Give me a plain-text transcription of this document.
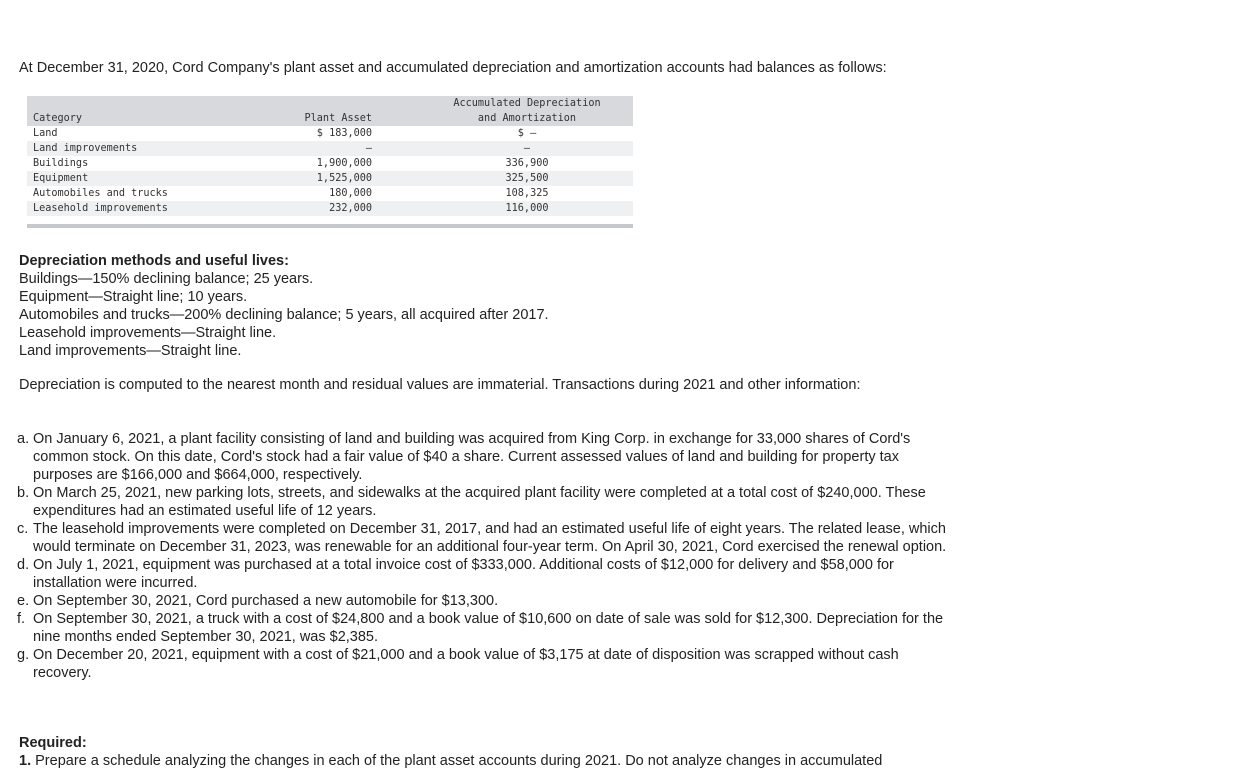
At December 31, 2020, Cord Company's plant asset and accumulated depreciation and amortization accounts had balances as follows:
Category	Plant Asset
Accumulated Depreciation
and Amortization
Land	$ 183,000	$ –
Land improvements	–	–
Buildings	1,900,000	336,900
Equipment	1,525,000	325,500
Automobiles and trucks	180,000	108,325
Leasehold improvements	232,000	116,000
Depreciation methods and useful lives:
Buildings—150% declining balance; 25 years.
Equipment—Straight line; 10 years.
Automobiles and trucks—200% declining balance; 5 years, all acquired after 2017.
Leasehold improvements—Straight line.
Land improvements—Straight line.
Depreciation is computed to the nearest month and residual values are immaterial. Transactions during 2021 and other information:
a. On January 6, 2021, a plant facility consisting of land and building was acquired from King Corp. in exchange for 33,000 shares of Cord's common stock. On this date, Cord's stock had a fair value of $40 a share. Current assessed values of land and building for property tax purposes are $166,000 and $664,000, respectively.
b. On March 25, 2021, new parking lots, streets, and sidewalks at the acquired plant facility were completed at a total cost of $240,000. These expenditures had an estimated useful life of 12 years.
c. The leasehold improvements were completed on December 31, 2017, and had an estimated useful life of eight years. The related lease, which would terminate on December 31, 2023, was renewable for an additional four-year term. On April 30, 2021, Cord exercised the renewal option.
d. On July 1, 2021, equipment was purchased at a total invoice cost of $333,000. Additional costs of $12,000 for delivery and $58,000 for installation were incurred.
e. On September 30, 2021, Cord purchased a new automobile for $13,300.
f. On September 30, 2021, a truck with a cost of $24,800 and a book value of $10,600 on date of sale was sold for $12,300. Depreciation for the nine months ended September 30, 2021, was $2,385.
g. On December 20, 2021, equipment with a cost of $21,000 and a book value of $3,175 at date of disposition was scrapped without cash recovery.
Required:
1. Prepare a schedule analyzing the changes in each of the plant asset accounts during 2021. Do not analyze changes in accumulated
